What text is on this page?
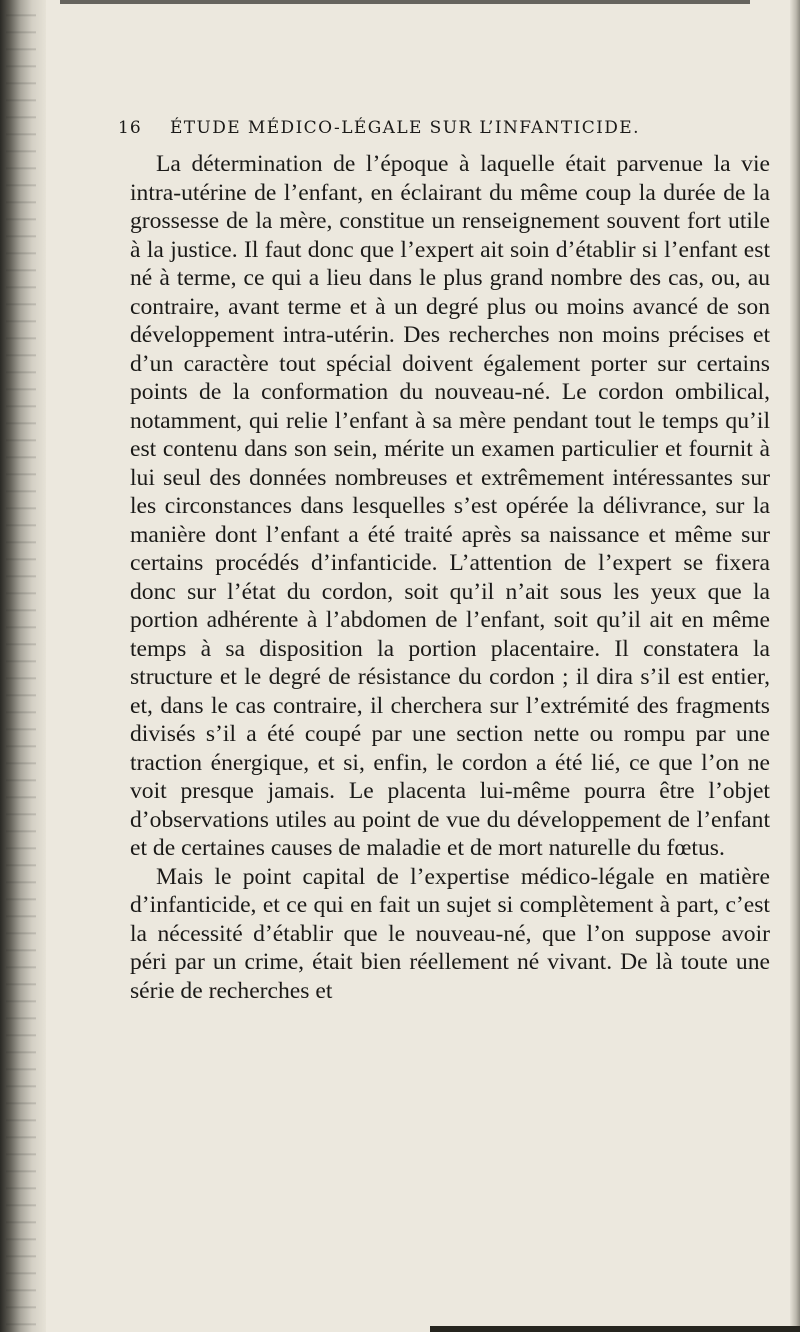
16 ÉTUDE MÉDICO-LÉGALE SUR L’INFANTICIDE.

La détermination de l’époque à laquelle était parvenue la vie intra-utérine de l’enfant, en éclairant du même coup la durée de la grossesse de la mère, constitue un renseignement souvent fort utile à la justice. Il faut donc que l’expert ait soin d’établir si l’enfant est né à terme, ce qui a lieu dans le plus grand nombre des cas, ou, au contraire, avant terme et à un degré plus ou moins avancé de son développement intra-utérin. Des recherches non moins précises et d’un caractère tout spécial doivent également porter sur certains points de la conformation du nouveau-né. Le cordon ombilical, notamment, qui relie l’enfant à sa mère pendant tout le temps qu’il est contenu dans son sein, mérite un examen particulier et fournit à lui seul des données nombreuses et extrêmement intéressantes sur les circonstances dans lesquelles s’est opérée la délivrance, sur la manière dont l’enfant a été traité après sa naissance et même sur certains procédés d’infanticide. L’attention de l’expert se fixera donc sur l’état du cordon, soit qu’il n’ait sous les yeux que la portion adhérente à l’abdomen de l’enfant, soit qu’il ait en même temps à sa disposition la portion placentaire. Il constatera la structure et le degré de résistance du cordon ; il dira s’il est entier, et, dans le cas contraire, il cherchera sur l’extrémité des fragments divisés s’il a été coupé par une section nette ou rompu par une traction énergique, et si, enfin, le cordon a été lié, ce que l’on ne voit presque jamais. Le placenta lui-même pourra être l’objet d’observations utiles au point de vue du développement de l’enfant et de certaines causes de maladie et de mort naturelle du fœtus.

Mais le point capital de l’expertise médico-légale en matière d’infanticide, et ce qui en fait un sujet si complètement à part, c’est la nécessité d’établir que le nouveau-né, que l’on suppose avoir péri par un crime, était bien réellement né vivant. De là toute une série de recherches et
